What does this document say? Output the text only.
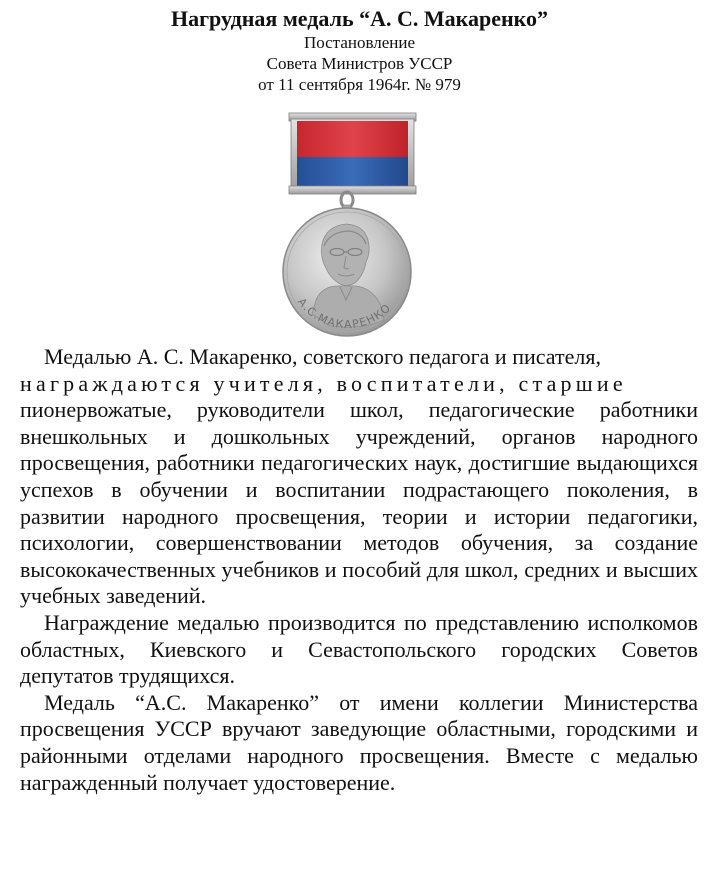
Нагрудная медаль “А. С. Макаренко”

Постановление

Совета Министров УССР

от 11 сентября 1964г. № 979

А.С.МАКАРЕНКО

Медалью А. С. Макаренко, советского педагога и писателя,

награждаются учителя, воспитатели, старшие

пионервожатые, руководители школ, педагогические работники внешкольных и дошкольных учреждений, органов народного просвещения, работники педагогических наук, достигшие выдающихся успехов в обучении и воспитании подрастающего поколения, в развитии народного просвещения, теории и истории педагогики, психологии, совершенствовании методов обучения, за создание высококачественных учебников и пособий для школ, средних и высших учебных заведений.

Награждение медалью производится по представлению исполкомов областных, Киевского и Севастопольского городских Советов депутатов трудящихся.

Медаль “А.С. Макаренко” от имени коллегии Министерства просвещения УССР вручают заведующие областными, городскими и районными отделами народного просвещения. Вместе с медалью награжденный получает удостоверение.
